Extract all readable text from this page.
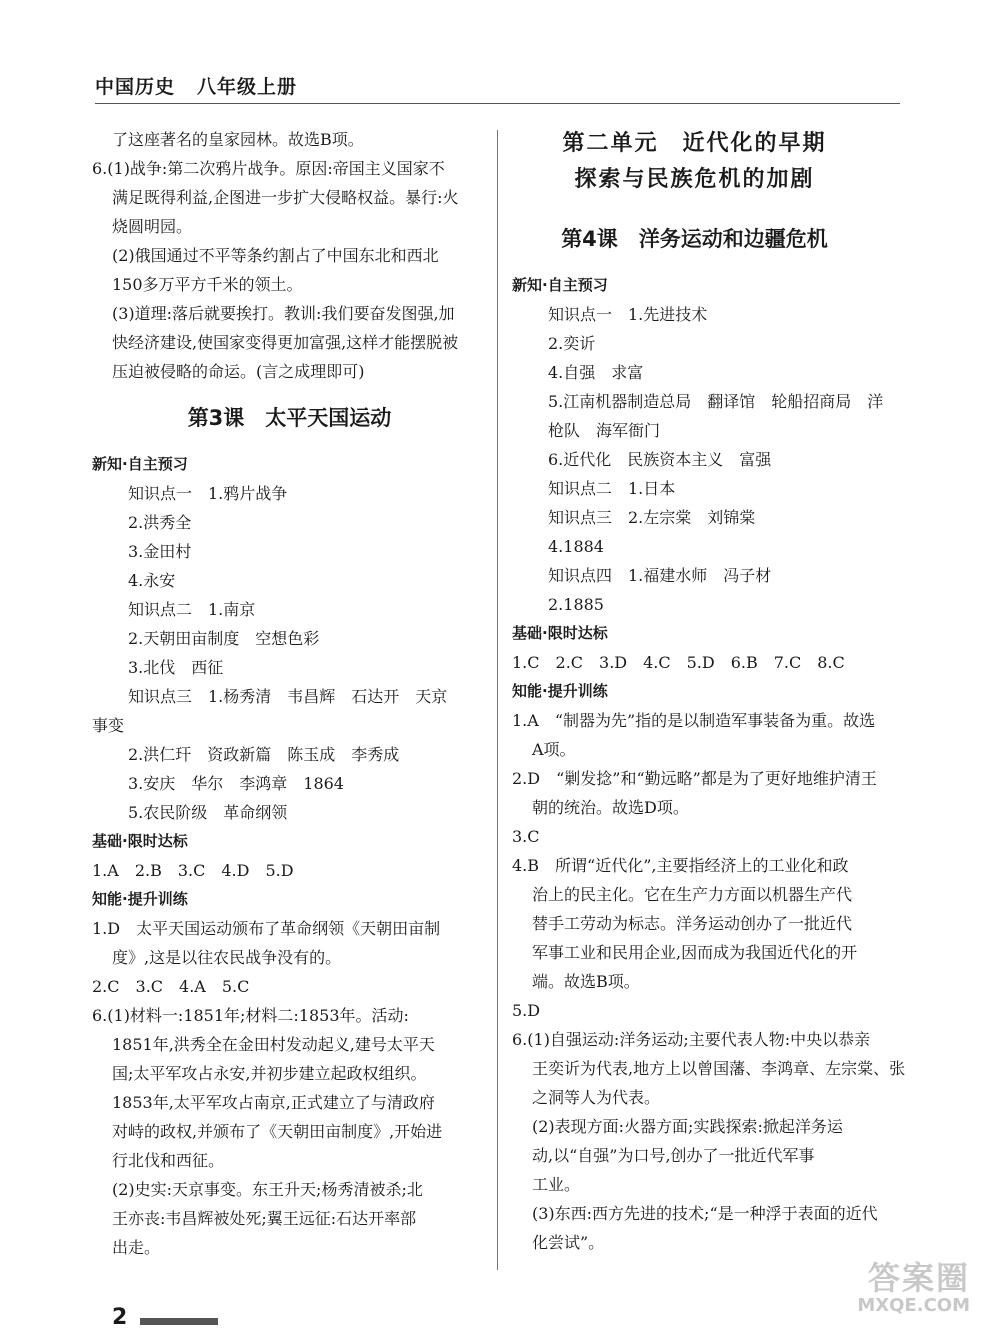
中国历史 八年级上册
了这座著名的皇家园林。故选B项。
6.(1)战争:第二次鸦片战争。原因:帝国主义国家不
满足既得利益,企图进一步扩大侵略权益。暴行:火
烧圆明园。
(2)俄国通过不平等条约割占了中国东北和西北
150多万平方千米的领土。
(3)道理:落后就要挨打。教训:我们要奋发图强,加
快经济建设,使国家变得更加富强,这样才能摆脱被
压迫被侵略的命运。(言之成理即可)
第3课　太平天国运动
新知·自主预习
知识点一　1.鸦片战争
2.洪秀全
3.金田村
4.永安
知识点二　1.南京
2.天朝田亩制度　空想色彩
3.北伐　西征
知识点三　1.杨秀清　韦昌辉　石达开　天京
事变
2.洪仁玕　资政新篇　陈玉成　李秀成
3.安庆　华尔　李鸿章　1864
5.农民阶级　革命纲领
基础·限时达标
1.A　2.B　3.C　4.D　5.D
知能·提升训练
1.D　太平天国运动颁布了革命纲领《天朝田亩制
度》,这是以往农民战争没有的。
2.C　3.C　4.A　5.C
6.(1)材料一:1851年;材料二:1853年。活动:
1851年,洪秀全在金田村发动起义,建号太平天
国;太平军攻占永安,并初步建立起政权组织。
1853年,太平军攻占南京,正式建立了与清政府
对峙的政权,并颁布了《天朝田亩制度》,开始进
行北伐和西征。
(2)史实:天京事变。东王升天;杨秀清被杀;北
王亦丧:韦昌辉被处死;翼王远征:石达开率部
出走。
第二单元　近代化的早期
探索与民族危机的加剧
第4课　洋务运动和边疆危机
新知·自主预习
知识点一　1.先进技术
2.奕䜣
4.自强　求富
5.江南机器制造总局　翻译馆　轮船招商局　洋
枪队　海军衙门
6.近代化　民族资本主义　富强
知识点二　1.日本
知识点三　2.左宗棠　刘锦棠
4.1884
知识点四　1.福建水师　冯子材
2.1885
基础·限时达标
1.C　2.C　3.D　4.C　5.D　6.B　7.C　8.C
知能·提升训练
1.A　“制器为先”指的是以制造军事装备为重。故选
A项。
2.D　“剿发捻”和“勤远略”都是为了更好地维护清王
朝的统治。故选D项。
3.C
4.B　所谓“近代化”,主要指经济上的工业化和政
治上的民主化。它在生产力方面以机器生产代
替手工劳动为标志。洋务运动创办了一批近代
军事工业和民用企业,因而成为我国近代化的开
端。故选B项。
5.D
6.(1)自强运动:洋务运动;主要代表人物:中央以恭亲
王奕䜣为代表,地方上以曾国藩、李鸿章、左宗棠、张
之洞等人为代表。
(2)表现方面:火器方面;实践探索:掀起洋务运
动,以“自强”为口号,创办了一批近代军事
工业。
(3)东西:西方先进的技术;“是一种浮于表面的近代
化尝试”。
2
答案圈
MXQE.COM
